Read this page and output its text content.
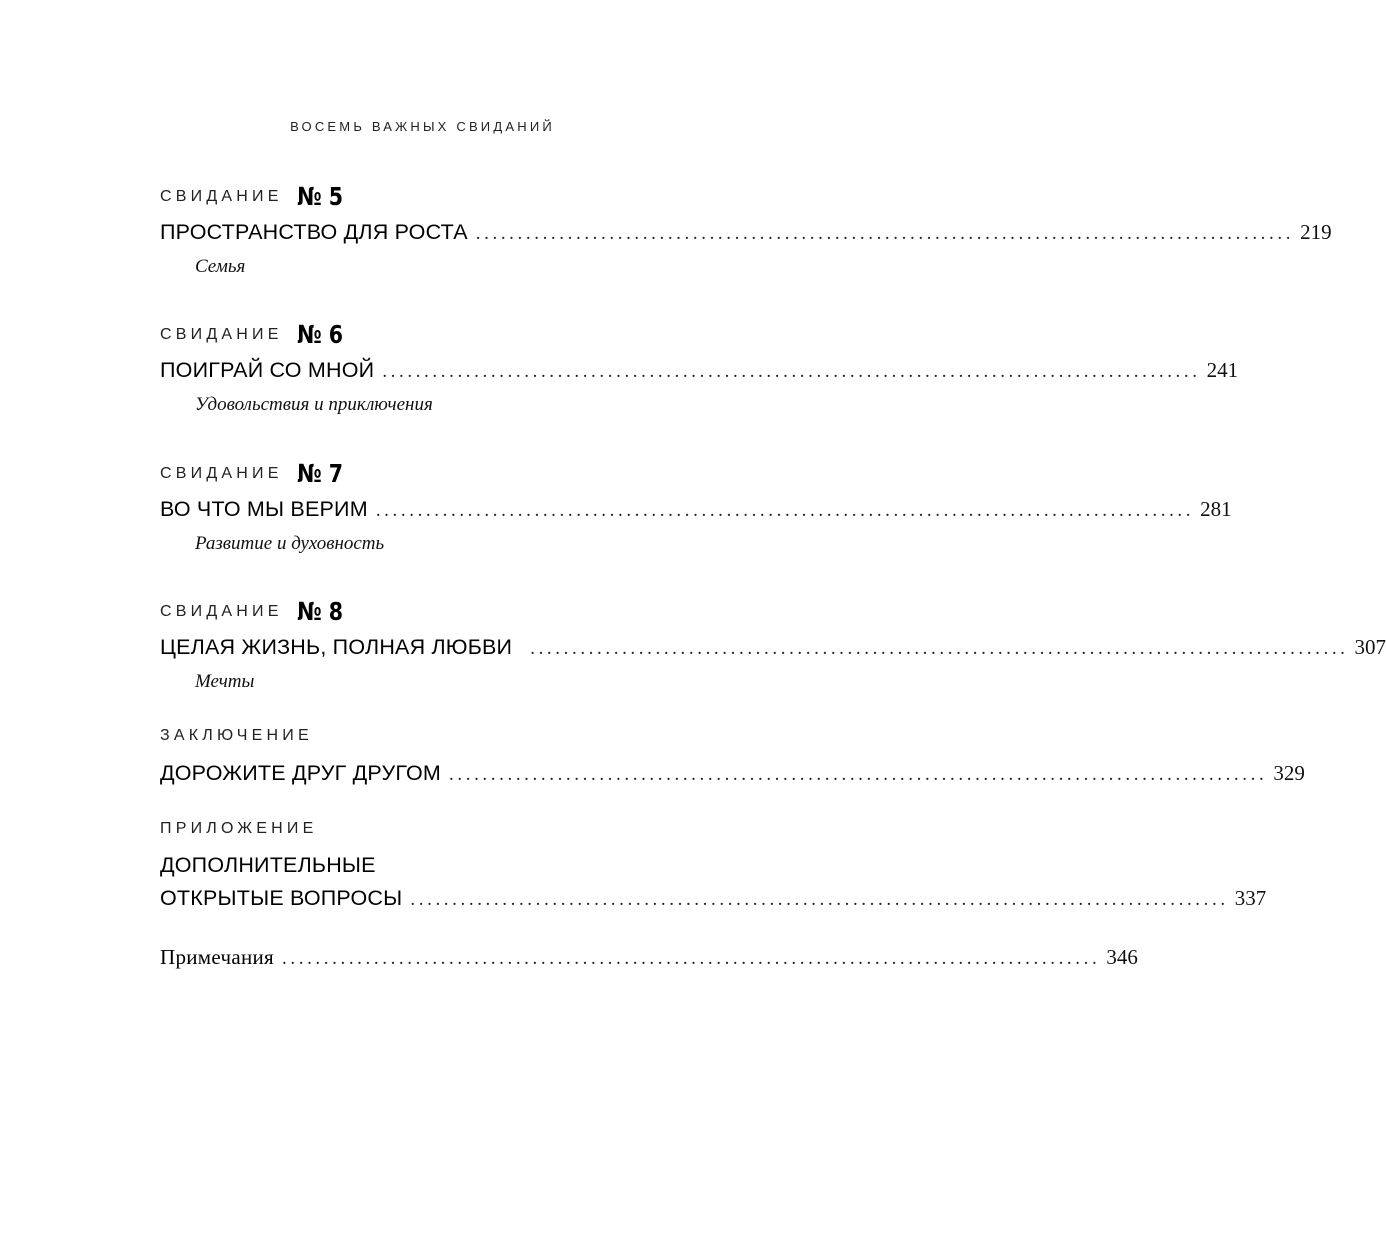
ВОСЕМЬ ВАЖНЫХ СВИДАНИЙ
СВИДАНИЕ № 5
ПРОСТРАНСТВО ДЛЯ РОСТА .................................................................................................. 219
Семья
СВИДАНИЕ № 6
ПОИГРАЙ СО МНОЙ .................................................................................................. 241
Удовольствия и приключения
СВИДАНИЕ № 7
ВО ЧТО МЫ ВЕРИМ .................................................................................................. 281
Развитие и духовность
СВИДАНИЕ № 8
ЦЕЛАЯ ЖИЗНЬ, ПОЛНАЯ ЛЮБВИ .................................................................................................. 307
Мечты
ЗАКЛЮЧЕНИЕ
ДОРОЖИТЕ ДРУГ ДРУГОМ .................................................................................................. 329
ПРИЛОЖЕНИЕ
ДОПОЛНИТЕЛЬНЫЕ
ОТКРЫТЫЕ ВОПРОСЫ .................................................................................................. 337
Примечания .................................................................................................. 346
